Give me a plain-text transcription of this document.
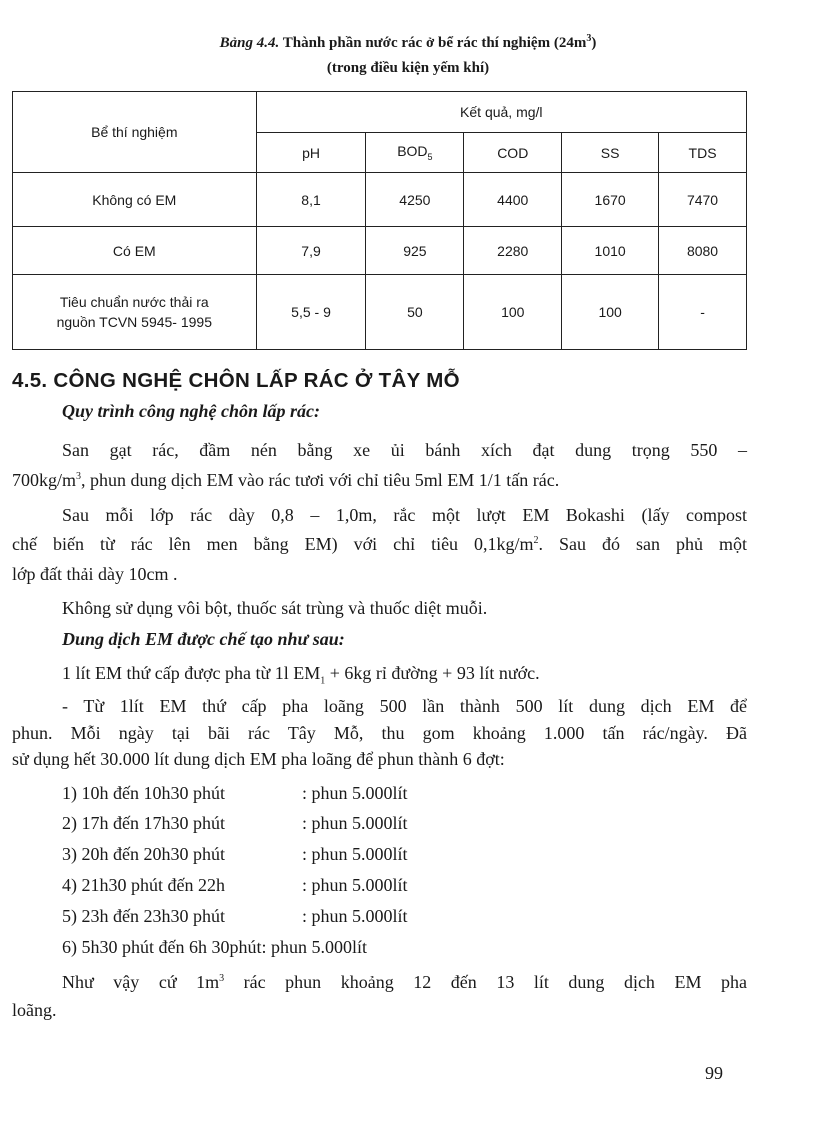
Bảng 4.4. Thành phần nước rác ở bể rác thí nghiệm $(24m^3)$
(trong điều kiện yếm khí)
Bể thí nghiệm	Kết quả, mg/l				
	pH	$BOD_5$	COD	SS	TDS
Không có EM	8,1	4250	4400	1670	7470
Có EM	7,9	925	2280	1010	8080

Tiêu chuẩn nước thải ra
nguồn TCVN 5945- 1995	5,5 - 9	50	100	100	-
4.5. CÔNG NGHỆ CHÔN LẤP RÁC Ở TÂY MỖ
Quy trình công nghệ chôn lấp rác:
San gạt rác, đầm nén bằng xe ủi bánh xích đạt dung trọng 550 –
$700kg/m^3$, phun dung dịch EM vào rác tươi với chỉ tiêu 5ml EM 1/1 tấn rác.
Sau mỗi lớp rác dày 0,8 – 1,0m, rắc một lượt EM Bokashi (lấy compost
chế biến từ rác lên men bằng EM) với chỉ tiêu $0,1kg/m^2$. Sau đó san phủ một
lớp đất thải dày 10cm .
Không sử dụng vôi bột, thuốc sát trùng và thuốc diệt muỗi.
Dung dịch EM được chế tạo như sau:
1 lít EM thứ cấp được pha từ 1l $EM_1 + 6kg$ rỉ đường + 93 lít nước.
- Từ 1lít EM thứ cấp pha loãng 500 lần thành 500 lít dung dịch EM để
phun. Mỗi ngày tại bãi rác Tây Mỗ, thu gom khoảng 1.000 tấn rác/ngày. Đã
sử dụng hết 30.000 lít dung dịch EM pha loãng để phun thành 6 đợt:
1) 10h đến 10h30 phút	: phun 5.000lít
2) 17h đến 17h30 phút	: phun 5.000lít
3) 20h đến 20h30 phút	: phun 5.000lít
4) 21h30 phút đến 22h	: phun 5.000lít
5) 23h đến 23h30 phút	: phun 5.000lít
6) 5h30 phút đến 6h 30phút: phun 5.000lít
Như vậy cứ $1m^3$ rác phun khoảng 12 đến 13 lít dung dịch EM pha
loãng.
99
